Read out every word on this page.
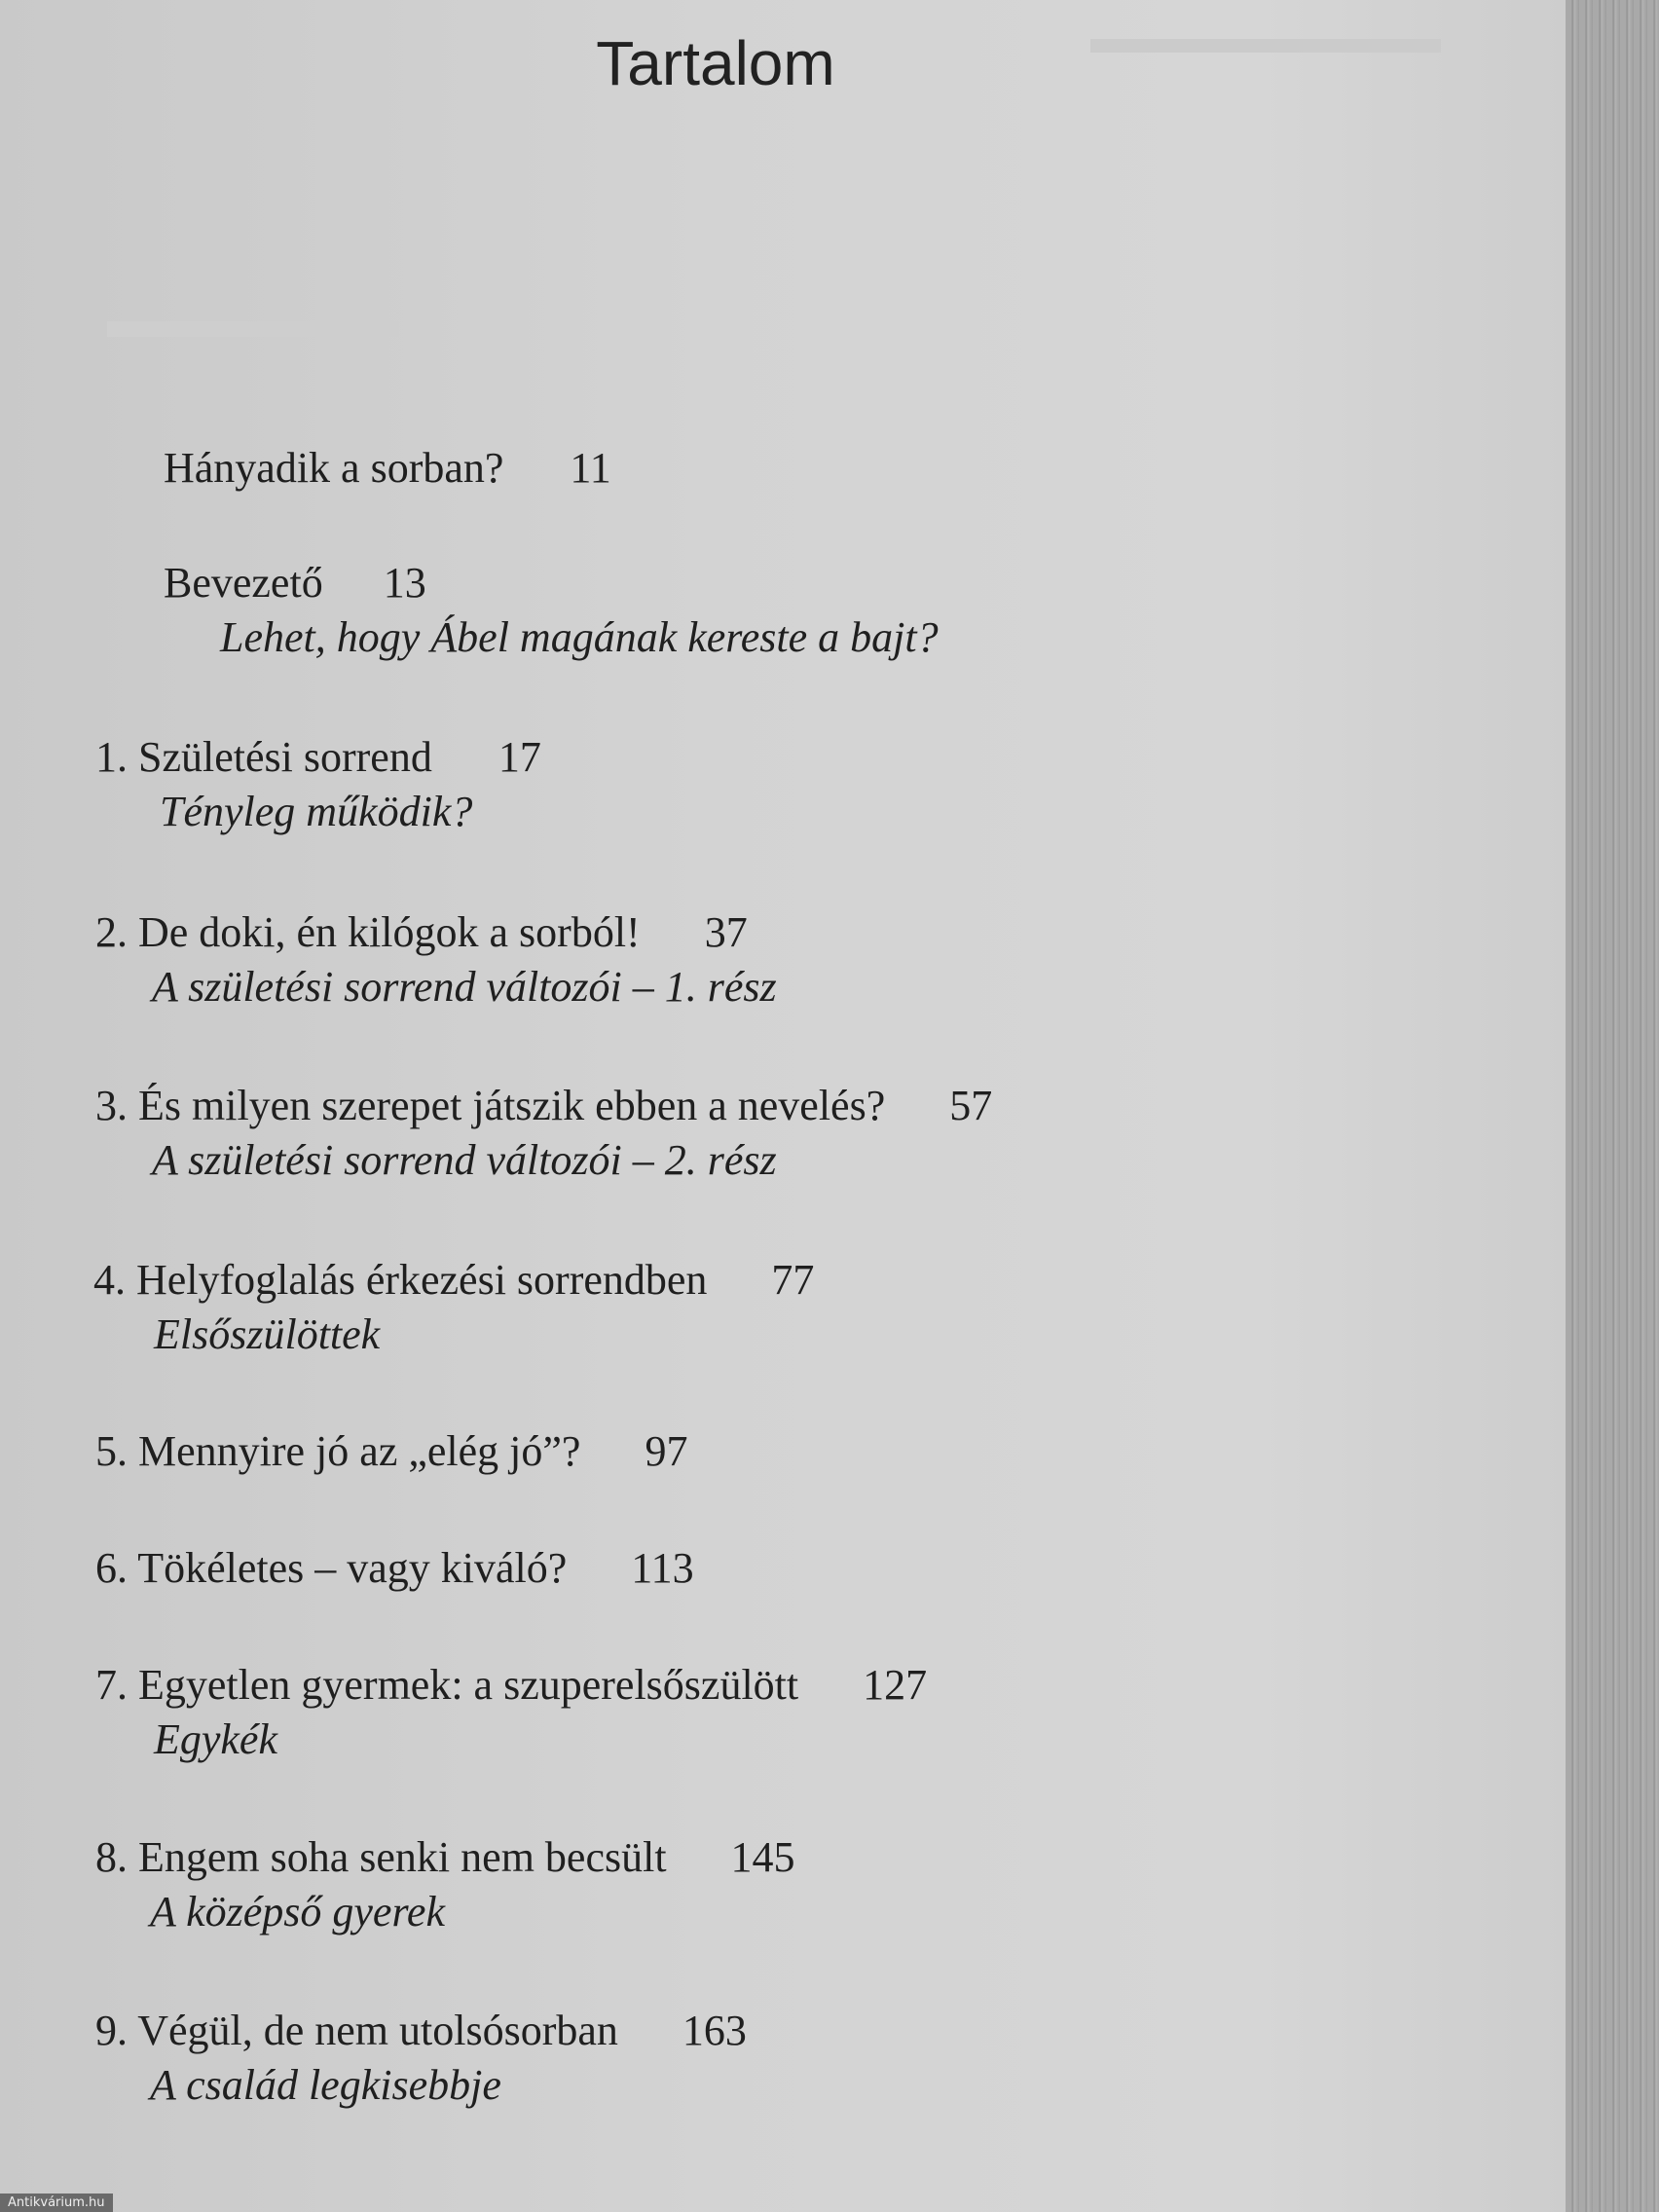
Tartalom
Hányadik a sorban? 11
Bevezető 13
Lehet, hogy Ábel magának kereste a bajt?
1. Születési sorrend 17
Tényleg működik?
2. De doki, én kilógok a sorból! 37
A születési sorrend változói – 1. rész
3. És milyen szerepet játszik ebben a nevelés? 57
A születési sorrend változói – 2. rész
4. Helyfoglalás érkezési sorrendben 77
Elsőszülöttek
5. Mennyire jó az „elég jó”? 97
6. Tökéletes – vagy kiváló? 113
7. Egyetlen gyermek: a szuperelsőszülött 127
Egykék
8. Engem soha senki nem becsült 145
A középső gyerek
9. Végül, de nem utolsósorban 163
A család legkisebbje
Antikvárium.hu
